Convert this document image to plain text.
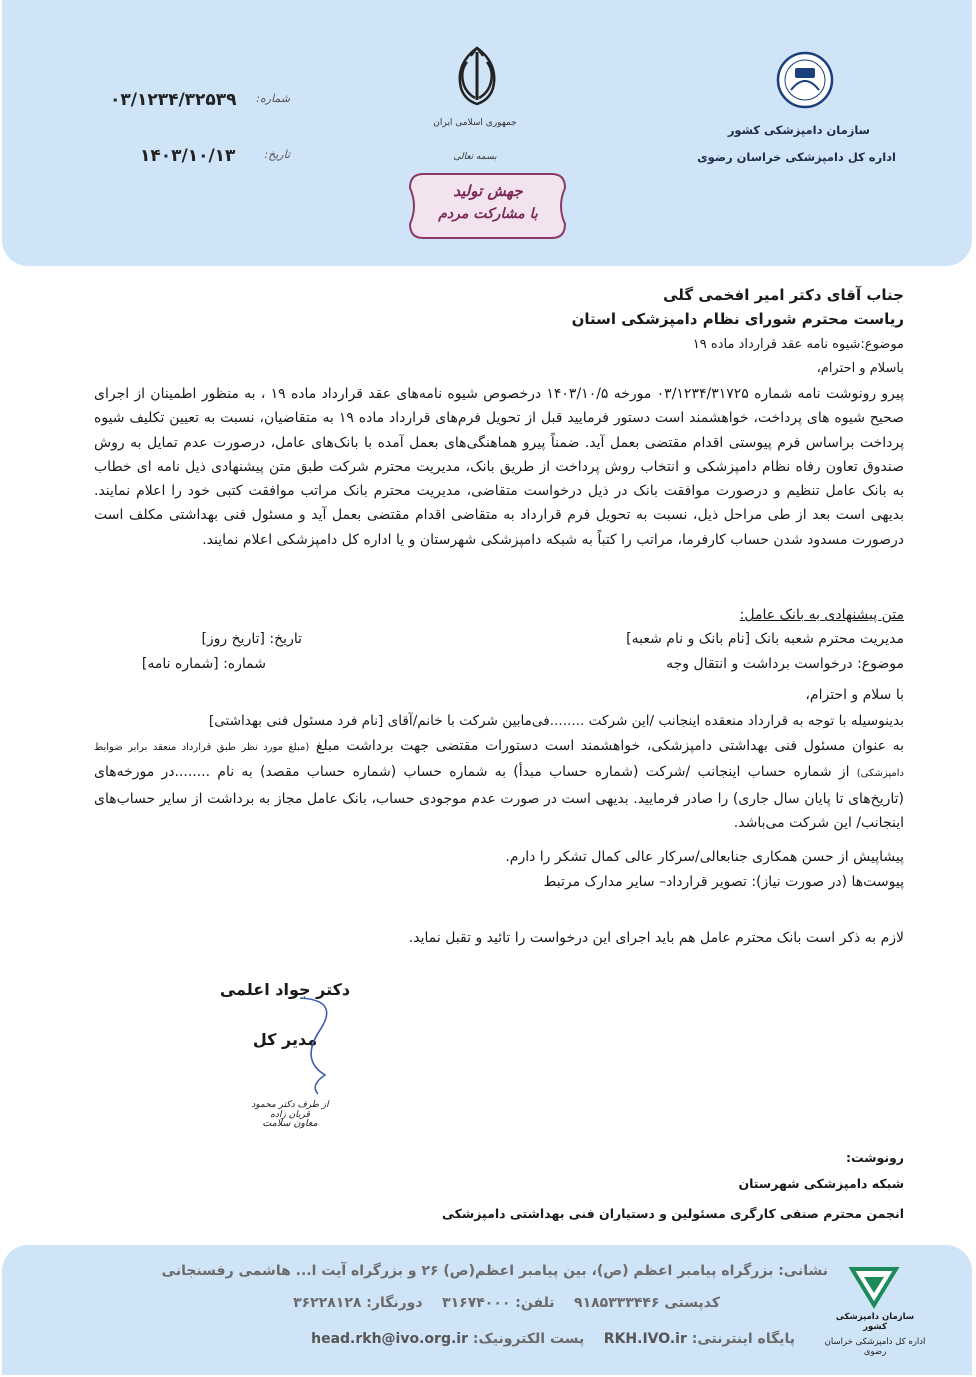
سازمان دامپزشکی کشور
اداره کل دامپزشکی خراسان رضوی
جمهوری اسلامی ایران
بسمه تعالی
جهش تولید
با مشارکت مردم
شماره:
۰۳/۱۲۳۴/۳۲۵۳۹
تاریخ:
۱۴۰۳/۱۰/۱۳
جناب آقای دکتر امیر افخمی گلی
ریاست محترم شورای نظام دامپزشکی استان
موضوع:شیوه نامه عقد قرارداد ماده ۱۹
باسلام و احترام،
پیرو رونوشت نامه شماره ۰۳/۱۲۳۴/۳۱۷۲۵ مورخه ۱۴۰۳/۱۰/۵ درخصوص شیوه نامه‌های عقد قرارداد ماده ۱۹ ، به منظور اطمینان از اجرای صحیح شیوه های پرداخت، خواهشمند است دستور فرمایید قبل از تحویل فرم‌های قرارداد ماده ۱۹ به متقاضیان، نسبت به تعیین تکلیف شیوه پرداخت براساس فرم پیوستی اقدام مقتضی بعمل آید. ضمناً پیرو هماهنگی‌های بعمل آمده با بانک‌های عامل، درصورت عدم تمایل به روش صندوق تعاون رفاه نظام دامپزشکی و انتخاب روش پرداخت از طریق بانک، مدیریت محترم شرکت طبق متن پیشنهادی ذیل نامه ای خطاب به بانک عامل تنظیم و درصورت موافقت بانک در ذیل درخواست متقاضی، مدیریت محترم بانک مراتب موافقت کتبی خود را اعلام نمایند. بدیهی است بعد از طی مراحل ذیل، نسبت به تحویل فرم قرارداد به متقاضی اقدام مقتضی بعمل آید و مسئول فنی بهداشتی مکلف است درصورت مسدود شدن حساب کارفرما، مراتب را کتباً به شبکه دامپزشکی شهرستان و یا اداره کل دامپزشکی اعلام نمایند.
متن پیشنهادی به بانک عامل:
مدیریت محترم شعبه بانک [نام بانک و نام شعبه]
تاریخ: [تاریخ روز]
موضوع: درخواست برداشت و انتقال وجه
شماره: [شماره نامه]
با سلام و احترام،
بدینوسیله با توجه به قرارداد منعقده اینجانب /این شرکت ........فی‌مابین شرکت با خانم/آقای [نام فرد مسئول فنی بهداشتی]
به عنوان مسئول فنی بهداشتی دامپزشکی، خواهشمند است دستورات مقتضی جهت برداشت مبلغ (مبلغ مورد نظر طبق قرارداد منعقد برابر ضوابط دامپزشکی) از شماره حساب اینجانب /شرکت (شماره حساب مبدأ) به شماره حساب (شماره حساب مقصد) به نام ........در مورخه‌های (تاریخ‌های تا پایان سال جاری) را صادر فرمایید. بدیهی است در صورت عدم موجودی حساب، بانک عامل مجاز به برداشت از سایر حساب‌های اینجانب/ این شرکت می‌باشد.
پیشاپیش از حسن همکاری جنابعالی/سرکار عالی کمال تشکر را دارم.
پیوست‌ها (در صورت نیاز): تصویر قرارداد– سایر مدارک مرتبط
لازم به ذکر است بانک محترم عامل هم باید اجرای این درخواست را تائید و تقبل نماید.
دکتر جواد اعلمی
مدیر کل
از طرف دکتر محمود قربان زاده
معاون سلامت
رونوشت:
شبکه دامپزشکی شهرستان
انجمن محترم صنفی کارگری مسئولین و دستیاران فنی بهداشتی دامپزشکی
نشانی: بزرگراه پیامبر اعظم (ص)، بین پیامبر اعظم(ص) ۲۶ و بزرگراه آیت ا... هاشمی رفسنجانی
کدپستی ۹۱۸۵۳۳۳۴۴۶    تلفن: ۳۱۶۷۴۰۰۰    دورنگار: ۳۶۲۲۸۱۲۸
پایگاه اینترنتی: RKH.IVO.ir    پست الکترونیک: head.rkh@ivo.org.ir
سازمان دامپزشکی کشور
اداره کل دامپزشکی خراسان رضوی
